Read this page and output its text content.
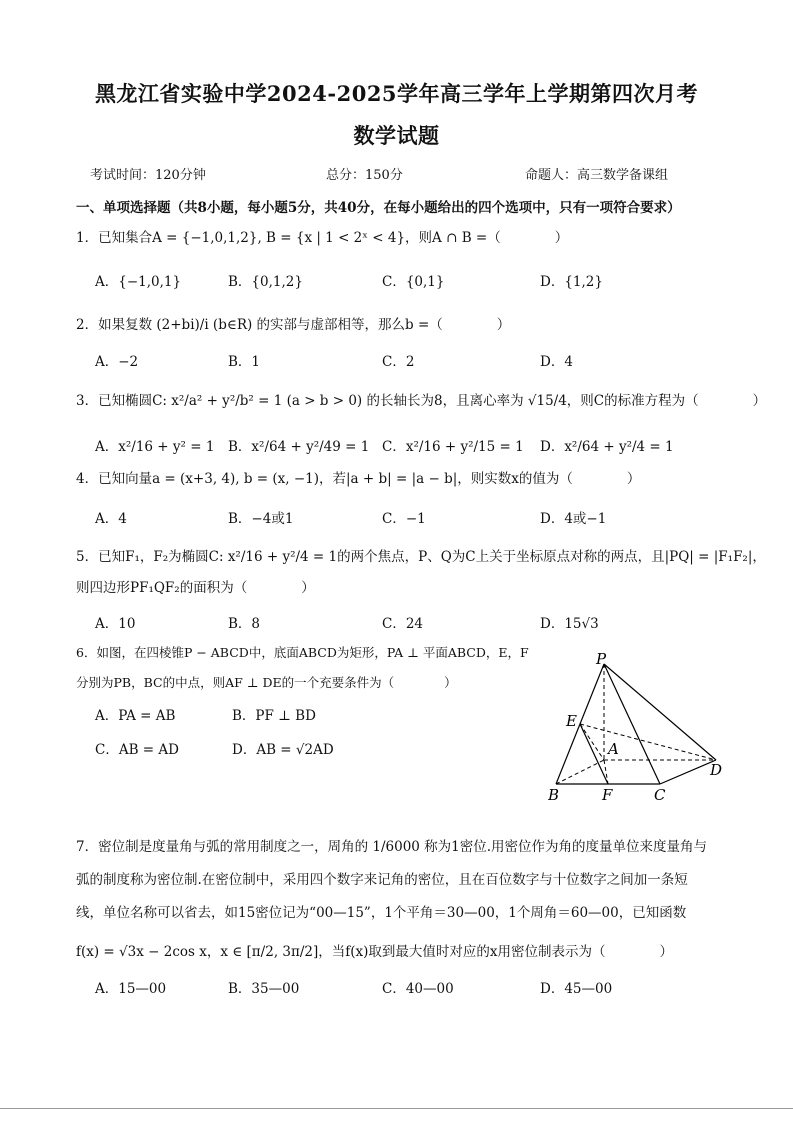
黑龙江省实验中学2024-2025学年高三学年上学期第四次月考
数学试题
考试时间：120分钟	总分：150分	命题人：高三数学备课组
一、单项选择题（共8小题，每小题5分，共40分，在每小题给出的四个选项中，只有一项符合要求）
1．已知集合A = {−1,0,1,2}, B = {x | 1 < 2ˣ < 4}，则A ∩ B =（　　　　）
A．{−1,0,1}	B．{0,1,2}	C．{0,1}	D．{1,2}
2．如果复数 (2+bi)/i (b∈R) 的实部与虚部相等，那么b =（　　　　）
A．−2	B．1	C．2	D．4
3．已知椭圆C: x²/a² + y²/b² = 1 (a > b > 0) 的长轴长为8，且离心率为 √15/4，则C的标准方程为（　　　　）
A．x²/16 + y² = 1 B．x²/64 + y²/49 = 1 C．x²/16 + y²/15 = 1 D．x²/64 + y²/4 = 1
4．已知向量a = (x+3, 4), b = (x, −1)，若|a + b| = |a − b|，则实数x的值为（　　　　）
A．4	B．−4或1	C．−1	D．4或−1
5．已知F₁，F₂为椭圆C: x²/16 + y²/4 = 1的两个焦点，P、Q为C上关于坐标原点对称的两点，且|PQ| = |F₁F₂|，
则四边形PF₁QF₂的面积为（　　　　）
A．10	B．8	C．24	D．15√3
6．如图，在四棱锥P − ABCD中，底面ABCD为矩形，PA ⊥ 平面ABCD，E，F
分别为PB，BC的中点，则AF ⊥ DE的一个充要条件为（　　　　）
A．PA = AB	B．PF ⊥ BD
C．AB = AD	D．AB = √2AD
P
E
A
D
B	F	C
7．密位制是度量角与弧的常用制度之一，周角的 1/6000 称为1密位.用密位作为角的度量单位来度量角与
弧的制度称为密位制.在密位制中，采用四个数字来记角的密位，且在百位数字与十位数字之间加一条短
线，单位名称可以省去，如15密位记为“00—15”，1个平角＝30—00，1个周角＝60—00，已知函数
f(x) = √3x − 2cos x，x ∈ [π/2, 3π/2]，当f(x)取到最大值时对应的x用密位制表示为（　　　　）
A．15—00	B．35—00	C．40—00	D．45—00
